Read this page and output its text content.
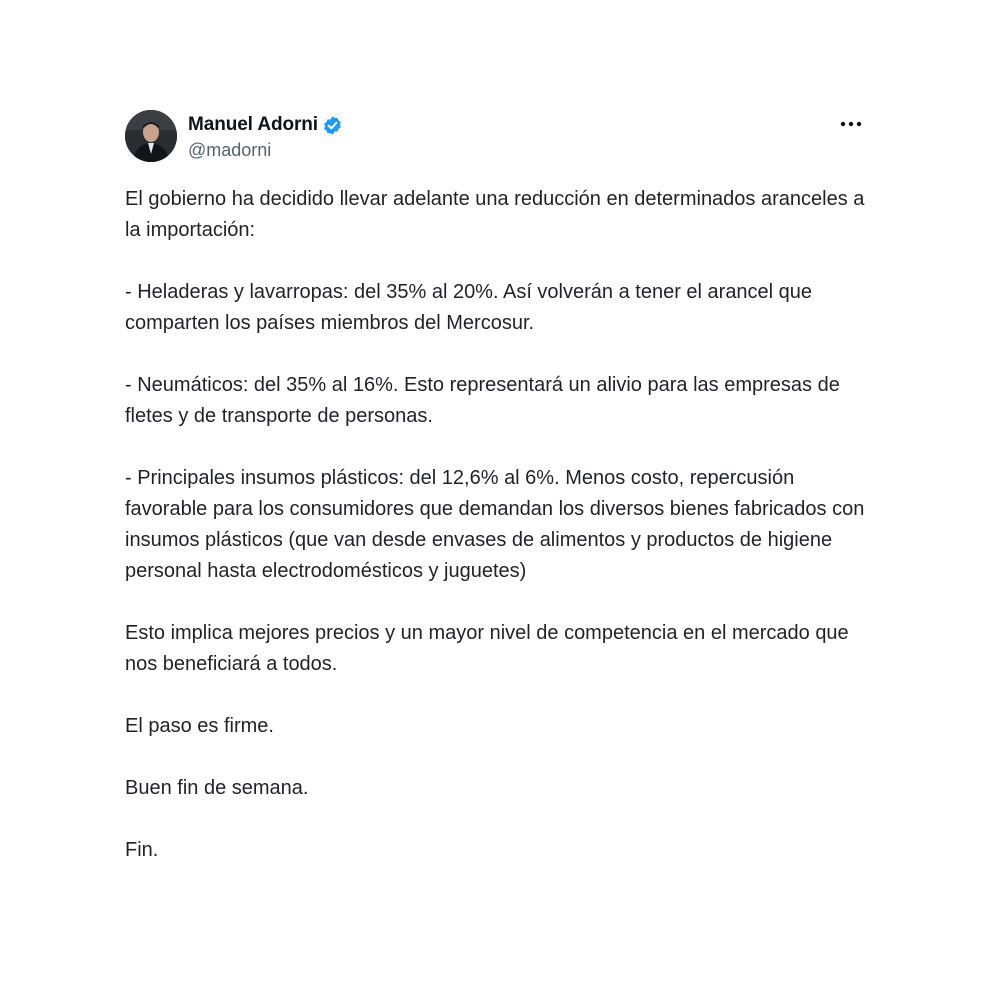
Manuel Adorni
@madorni

El gobierno ha decidido llevar adelante una reducción en determinados aranceles a la importación:

- Heladeras y lavarropas: del 35% al 20%. Así volverán a tener el arancel que comparten los países miembros del Mercosur.

- Neumáticos: del 35% al 16%. Esto representará un alivio para las empresas de fletes y de transporte de personas.

- Principales insumos plásticos: del 12,6% al 6%. Menos costo, repercusión favorable para los consumidores que demandan los diversos bienes fabricados con insumos plásticos (que van desde envases de alimentos y productos de higiene personal hasta electrodomésticos y juguetes)

Esto implica mejores precios y un mayor nivel de competencia en el mercado que nos beneficiará a todos.

El paso es firme.

Buen fin de semana.

Fin.
